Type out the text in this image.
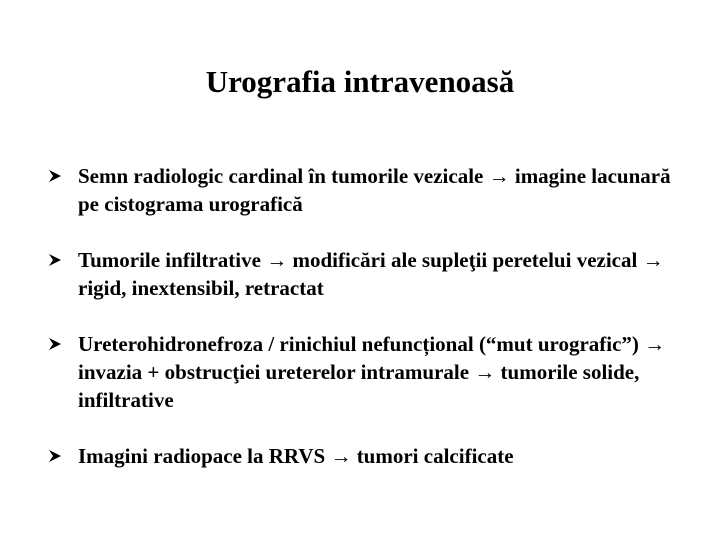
Urografia intravenoasă
Semn radiologic cardinal în tumorile vezicale → imagine lacunară pe cistograma urografică
Tumorile infiltrative → modificări ale supleţii peretelui vezical → rigid, inextensibil, retractat
Ureterohidronefroza / rinichiul nefuncțional (“mut urografic”) → invazia + obstrucţiei ureterelor intramurale → tumorile solide, infiltrative
Imagini radiopace la RRVS → tumori calcificate
